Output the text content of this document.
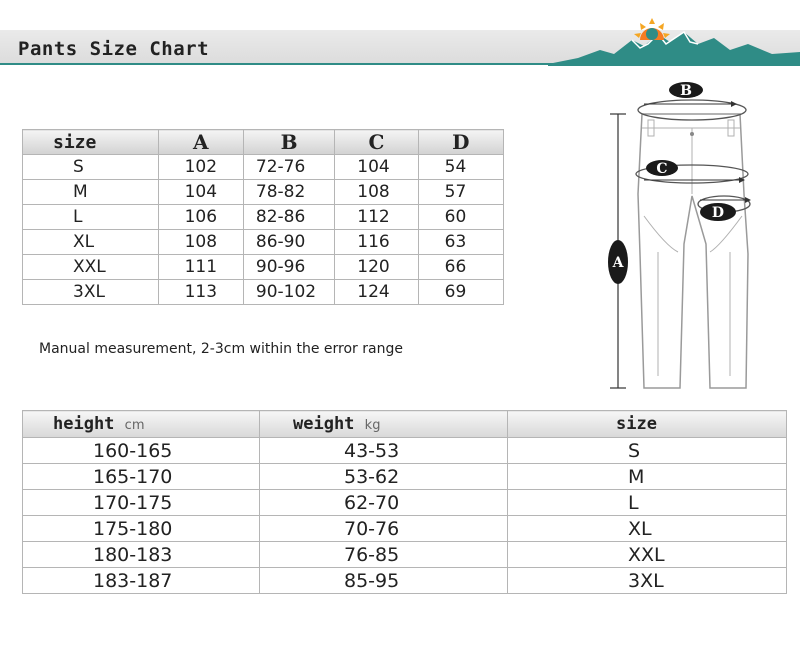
Pants Size Chart
size	A	B	C	D
S	102	72-76	104	54
M	104	78-82	108	57
L	106	82-86	112	60
XL	108	86-90	116	63
XXL	111	90-96	120	66
3XL	113	90-102	124	69
Manual measurement, 2-3cm within the error range
B
C
D
A
height cm	weight kg	size
160-165	43-53	S
165-170	53-62	M
170-175	62-70	L
175-180	70-76	XL
180-183	76-85	XXL
183-187	85-95	3XL
